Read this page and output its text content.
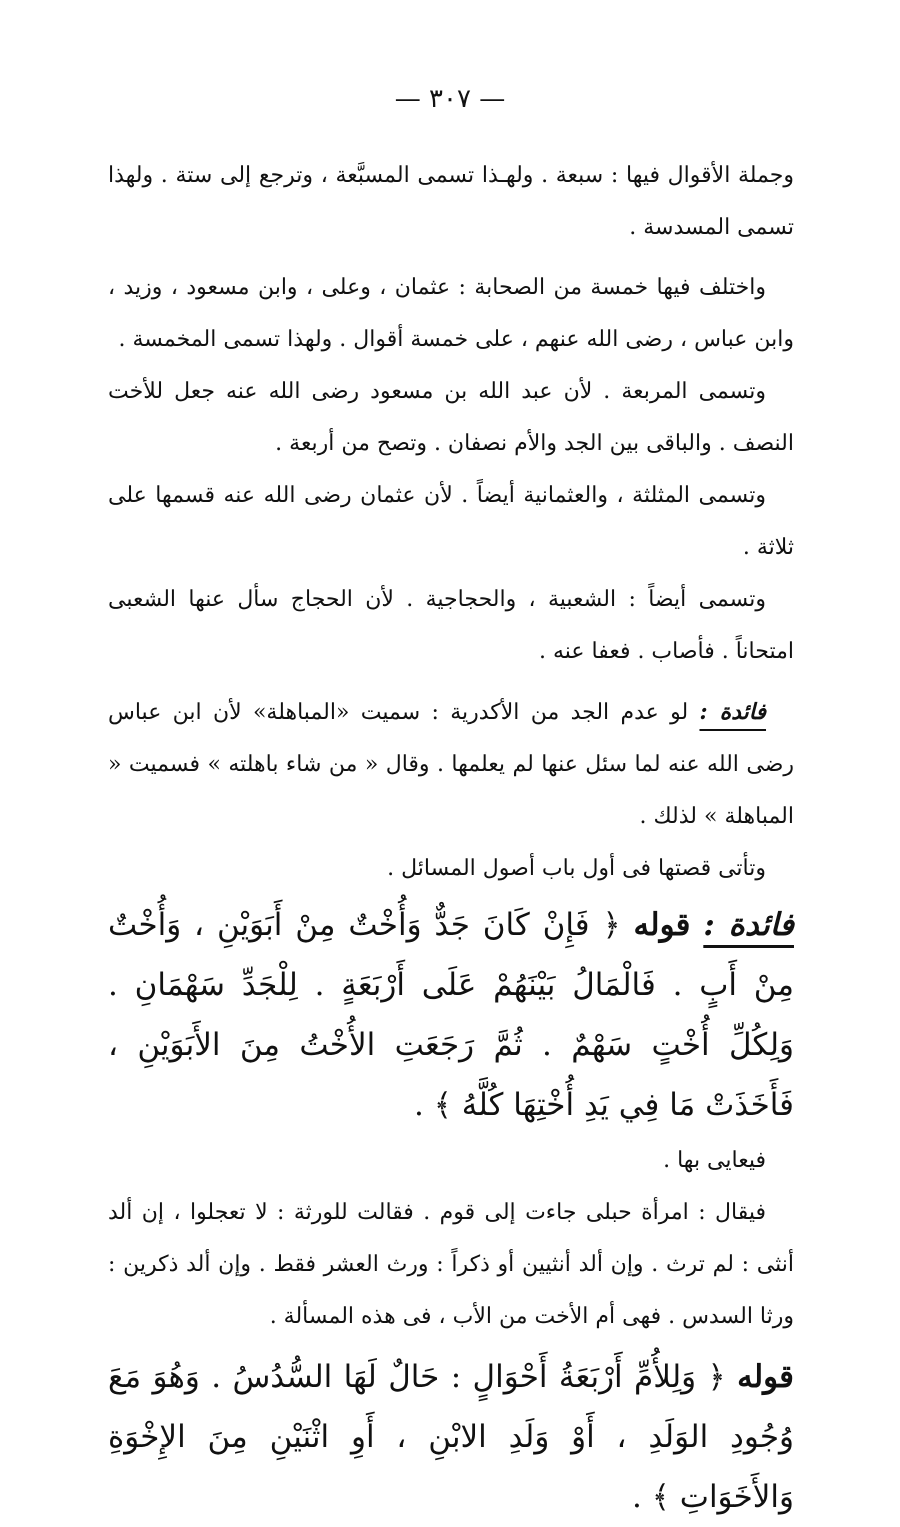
— ٣٠٧ —

وجملة الأقوال فيها : سبعة . ولهـذا تسمى المسبَّعة ، وترجع إلى ستة . ولهذا تسمى المسدسة .

واختلف فيها خمسة من الصحابة : عثمان ، وعلى ، وابن مسعود ، وزيد ، وابن عباس ، رضى الله عنهم ، على خمسة أقوال . ولهذا تسمى المخمسة .

وتسمى المربعة . لأن عبد الله بن مسعود رضى الله عنه جعل للأخت النصف . والباقى بين الجد والأم نصفان . وتصح من أربعة .

وتسمى المثلثة ، والعثمانية أيضاً . لأن عثمان رضى الله عنه قسمها على ثلاثة .

وتسمى أيضاً : الشعبية ، والحجاجية . لأن الحجاج سأل عنها الشعبى امتحاناً . فأصاب . فعفا عنه .

فائدة : لو عدم الجد من الأكدرية : سميت «المباهلة» لأن ابن عباس رضى الله عنه لما سئل عنها لم يعلمها . وقال « من شاء باهلته » فسميت « المباهلة » لذلك .

وتأتى قصتها فى أول باب أصول المسائل .

فائدة : قوله ﴿ فَإِنْ كَانَ جَدٌّ وَأُخْتٌ مِنْ أَبَوَيْنِ ، وَأُخْتٌ مِنْ أَبٍ . فَالْمَالُ بَيْنَهُمْ عَلَى أَرْبَعَةٍ . لِلْجَدِّ سَهْمَانِ . وَلِكُلِّ أُخْتٍ سَهْمٌ . ثُمَّ رَجَعَتِ الأُخْتُ مِنَ الأَبَوَيْنِ ، فَأَخَذَتْ مَا فِي يَدِ أُخْتِهَا كُلَّهُ ﴾ .

فيعايى بها .

فيقال : امرأة حبلى جاءت إلى قوم . فقالت للورثة : لا تعجلوا ، إن ألد أنثى : لم ترث . وإن ألد أنثيين أو ذكراً : ورث العشر فقط . وإن ألد ذكرين : ورثا السدس . فهى أم الأخت من الأب ، فى هذه المسألة .

قوله ﴿ وَلِلأُمِّ أَرْبَعَةُ أَحْوَالٍ : حَالٌ لَهَا السُّدُسُ . وَهُوَ مَعَ وُجُودِ الوَلَدِ ، أَوْ وَلَدِ الابْنِ ، أَوِ اثْنَيْنِ مِنَ الإِخْوَةِ وَالأَخَوَاتِ ﴾ .
